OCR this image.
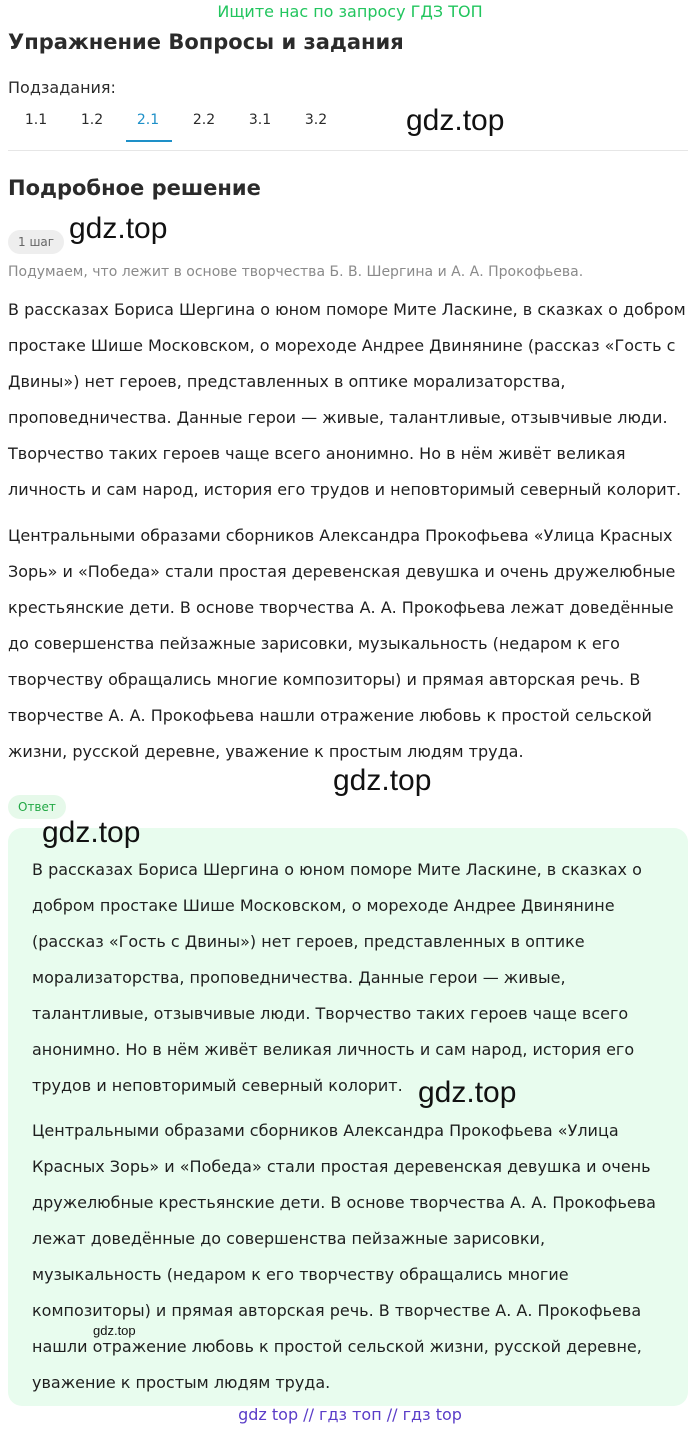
Ищите нас по запросу ГДЗ ТОП
Упражнение Вопросы и задания
Подзадания:
1.1	1.2	2.1	2.2	3.1	3.2	gdz.top
Подробное решение
1 шаг gdz.top

Подумаем, что лежит в основе творчества Б. В. Шергина и А. А. Прокофьева.

В рассказах Бориса Шергина о юном поморе Мите Ласкине, в сказках о добром простаке Шише Московском, о мореходе Андрее Двинянине (рассказ «Гость с Двины») нет героев, представленных в оптике морализаторства, проповедничества. Данные герои — живые, талантливые, отзывчивые люди. Творчество таких героев чаще всего анонимно. Но в нём живёт великая личность и сам народ, история его трудов и неповторимый северный колорит.

Центральными образами сборников Александра Прокофьева «Улица Красных Зорь» и «Победа» стали простая деревенская девушка и очень дружелюбные крестьянские дети. В основе творчества А. А. Прокофьева лежат доведённые до совершенства пейзажные зарисовки, музыкальность (недаром к его творчеству обращались многие композиторы) и прямая авторская речь. В творчестве А. А. Прокофьева нашли отражение любовь к простой сельской жизни, русской деревне, уважение к простым людям труда.

gdz.top
Ответ
gdz.top

В рассказах Бориса Шергина о юном поморе Мите Ласкине, в сказках о добром простаке Шише Московском, о мореходе Андрее Двинянине (рассказ «Гость с Двины») нет героев, представленных в оптике морализаторства, проповедничества. Данные герои — живые, талантливые, отзывчивые люди. Творчество таких героев чаще всего анонимно. Но в нём живёт великая личность и сам народ, история его трудов и неповторимый северный колорит. gdz.top

Центральными образами сборников Александра Прокофьева «Улица Красных Зорь» и «Победа» стали простая деревенская девушка и очень дружелюбные крестьянские дети. В основе творчества А. А. Прокофьева лежат доведённые до совершенства пейзажные зарисовки, музыкальность (недаром к его творчеству обращались многие композиторы) и прямая авторская речь. В творчестве А. А. Прокофьева нашли отражение любовь к простой сельской жизни, русской деревне, уважение к простым людям труда.

gdz.top
gdz top // гдз топ // гдз top
